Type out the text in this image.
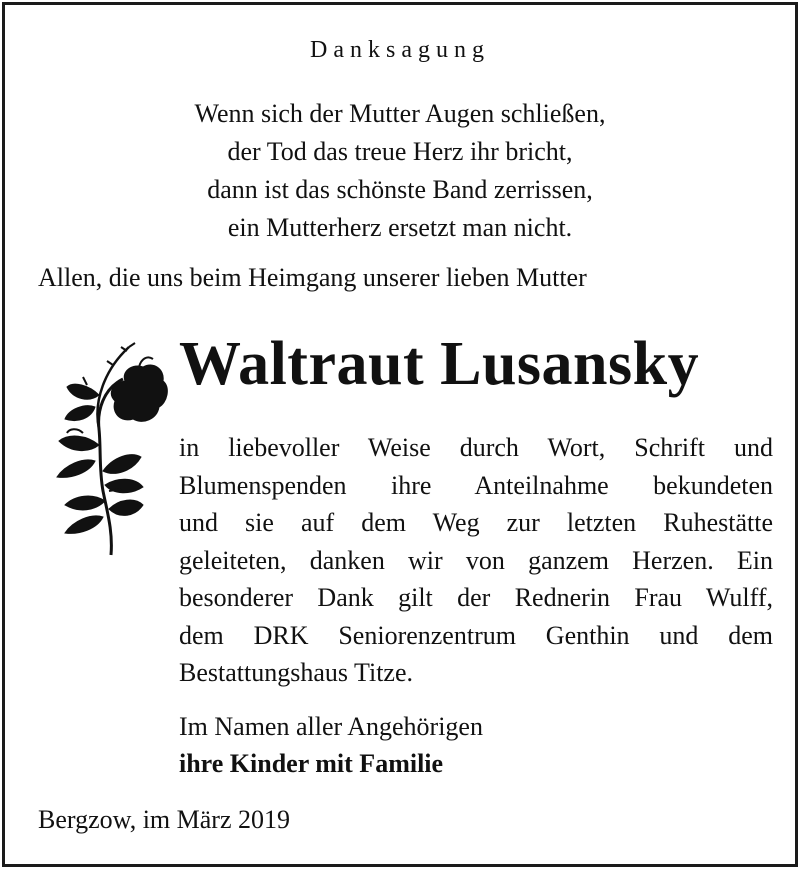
Danksagung
Wenn sich der Mutter Augen schließen,
der Tod das treue Herz ihr bricht,
dann ist das schönste Band zerrissen,
ein Mutterherz ersetzt man nicht.
Allen, die uns beim Heimgang unserer lieben Mutter
Waltraut Lusansky
in liebevoller Weise durch Wort, Schrift und
Blumenspenden ihre Anteilnahme bekundeten
und sie auf dem Weg zur letzten Ruhestätte
geleiteten, danken wir von ganzem Herzen. Ein
besonderer Dank gilt der Rednerin Frau Wulff,
dem DRK Seniorenzentrum Genthin und dem
Bestattungshaus Titze.
Im Namen aller Angehörigen
ihre Kinder mit Familie
Bergzow, im März 2019
